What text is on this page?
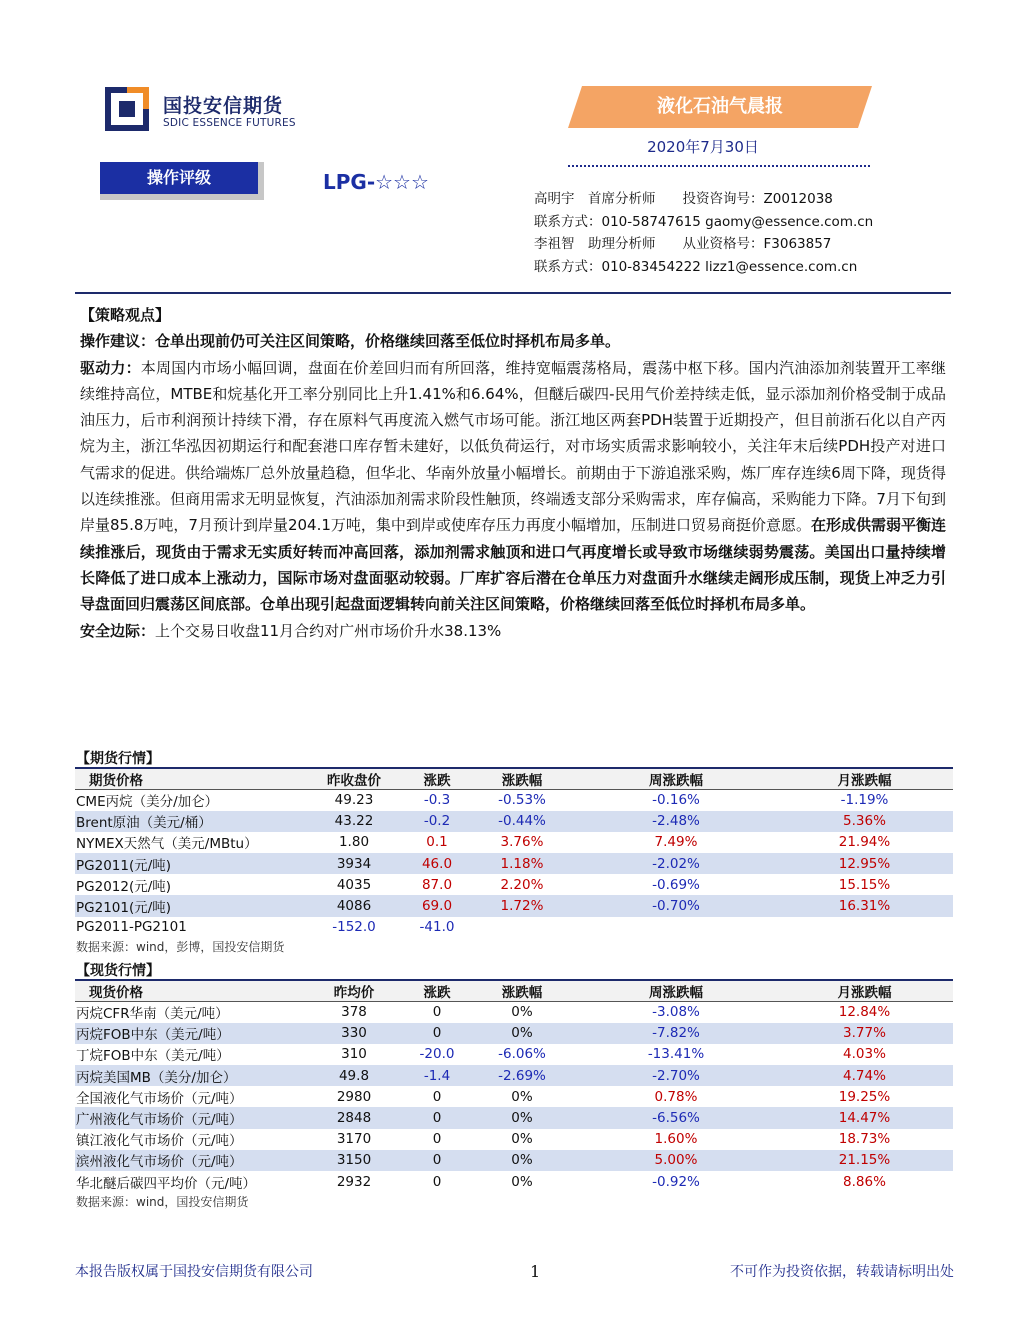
国投安信期货
SDIC ESSENCE FUTURES
液化石油气晨报
2020年7月30日
操作评级	LPG-☆☆☆
高明宇　首席分析师　　投资咨询号：Z0012038
联系方式：010-58747615 gaomy@essence.com.cn
李祖智　助理分析师　　从业资格号：F3063857
联系方式：010-83454222 lizz1@essence.com.cn
【策略观点】
操作建议：仓单出现前仍可关注区间策略，价格继续回落至低位时择机布局多单。
驱动力：本周国内市场小幅回调，盘面在价差回归而有所回落，维持宽幅震荡格局，震荡中枢下移。国内汽油添加剂装置开工率继续维持高位，MTBE和烷基化开工率分别同比上升1.41%和6.64%，但醚后碳四-民用气价差持续走低，显示添加剂价格受制于成品油压力，后市利润预计持续下滑，存在原料气再度流入燃气市场可能。浙江地区两套PDH装置于近期投产，但目前浙石化以自产丙烷为主，浙江华泓因初期运行和配套港口库存暂未建好，以低负荷运行，对市场实质需求影响较小，关注年末后续PDH投产对进口气需求的促进。供给端炼厂总外放量趋稳，但华北、华南外放量小幅增长。前期由于下游追涨采购，炼厂库存连续6周下降，现货得以连续推涨。但商用需求无明显恢复，汽油添加剂需求阶段性触顶，终端透支部分采购需求，库存偏高，采购能力下降。7月下旬到岸量85.8万吨，7月预计到岸量204.1万吨，集中到岸或使库存压力再度小幅增加，压制进口贸易商挺价意愿。在形成供需弱平衡连续推涨后，现货由于需求无实质好转而冲高回落，添加剂需求触顶和进口气再度增长或导致市场继续弱势震荡。美国出口量持续增长降低了进口成本上涨动力，国际市场对盘面驱动较弱。厂库扩容后潜在仓单压力对盘面升水继续走阔形成压制，现货上冲乏力引导盘面回归震荡区间底部。仓单出现引起盘面逻辑转向前关注区间策略，价格继续回落至低位时择机布局多单。
安全边际：上个交易日收盘11月合约对广州市场价升水38.13%
【期货行情】
期货价格	昨收盘价	涨跌	涨跌幅	周涨跌幅	月涨跌幅
CME丙烷（美分/加仑）	49.23	-0.3	-0.53%	-0.16%	-1.19%
Brent原油（美元/桶）	43.22	-0.2	-0.44%	-2.48%	5.36%
NYMEX天然气（美元/MBtu）	1.80	0.1	3.76%	7.49%	21.94%
PG2011(元/吨)	3934	46.0	1.18%	-2.02%	12.95%
PG2012(元/吨)	4035	87.0	2.20%	-0.69%	15.15%
PG2101(元/吨)	4086	69.0	1.72%	-0.70%	16.31%
PG2011-PG2101	-152.0	-41.0			
数据来源：wind，彭博，国投安信期货
【现货行情】
现货价格	昨均价	涨跌	涨跌幅	周涨跌幅	月涨跌幅
丙烷CFR华南（美元/吨）	378	0	0%	-3.08%	12.84%
丙烷FOB中东（美元/吨）	330	0	0%	-7.82%	3.77%
丁烷FOB中东（美元/吨）	310	-20.0	-6.06%	-13.41%	4.03%
丙烷美国MB（美分/加仑）	49.8	-1.4	-2.69%	-2.70%	4.74%
全国液化气市场价（元/吨）	2980	0	0%	0.78%	19.25%
广州液化气市场价（元/吨）	2848	0	0%	-6.56%	14.47%
镇江液化气市场价（元/吨）	3170	0	0%	1.60%	18.73%
滨州液化气市场价（元/吨）	3150	0	0%	5.00%	21.15%
华北醚后碳四平均价（元/吨）	2932	0	0%	-0.92%	8.86%
数据来源：wind，国投安信期货
本报告版权属于国投安信期货有限公司	1	不可作为投资依据，转载请标明出处
